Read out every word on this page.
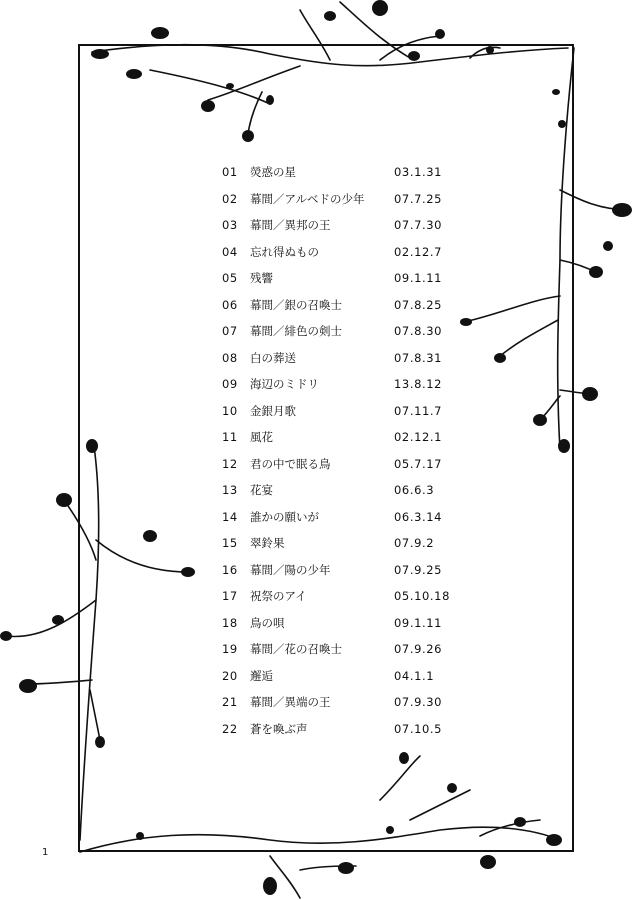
01	熒惑の星	03.1.31
02	幕間／アルベドの少年	07.7.25
03	幕間／異邦の王	07.7.30
04	忘れ得ぬもの	02.12.7
05	残響	09.1.11
06	幕間／銀の召喚士	07.8.25
07	幕間／緋色の剣士	07.8.30
08	白の葬送	07.8.31
09	海辺のミドリ	13.8.12
10	金銀月歌	07.11.7
11	風花	02.12.1
12	君の中で眠る鳥	05.7.17
13	花宴	06.6.3
14	誰かの願いが	06.3.14
15	翠鈴果	07.9.2
16	幕間／陽の少年	07.9.25
17	祝祭のアイ	05.10.18
18	鳥の唄	09.1.11
19	幕間／花の召喚士	07.9.26
20	邂逅	04.1.1
21	幕間／異端の王	07.9.30
22	蒼を喚ぶ声	07.10.5
1
